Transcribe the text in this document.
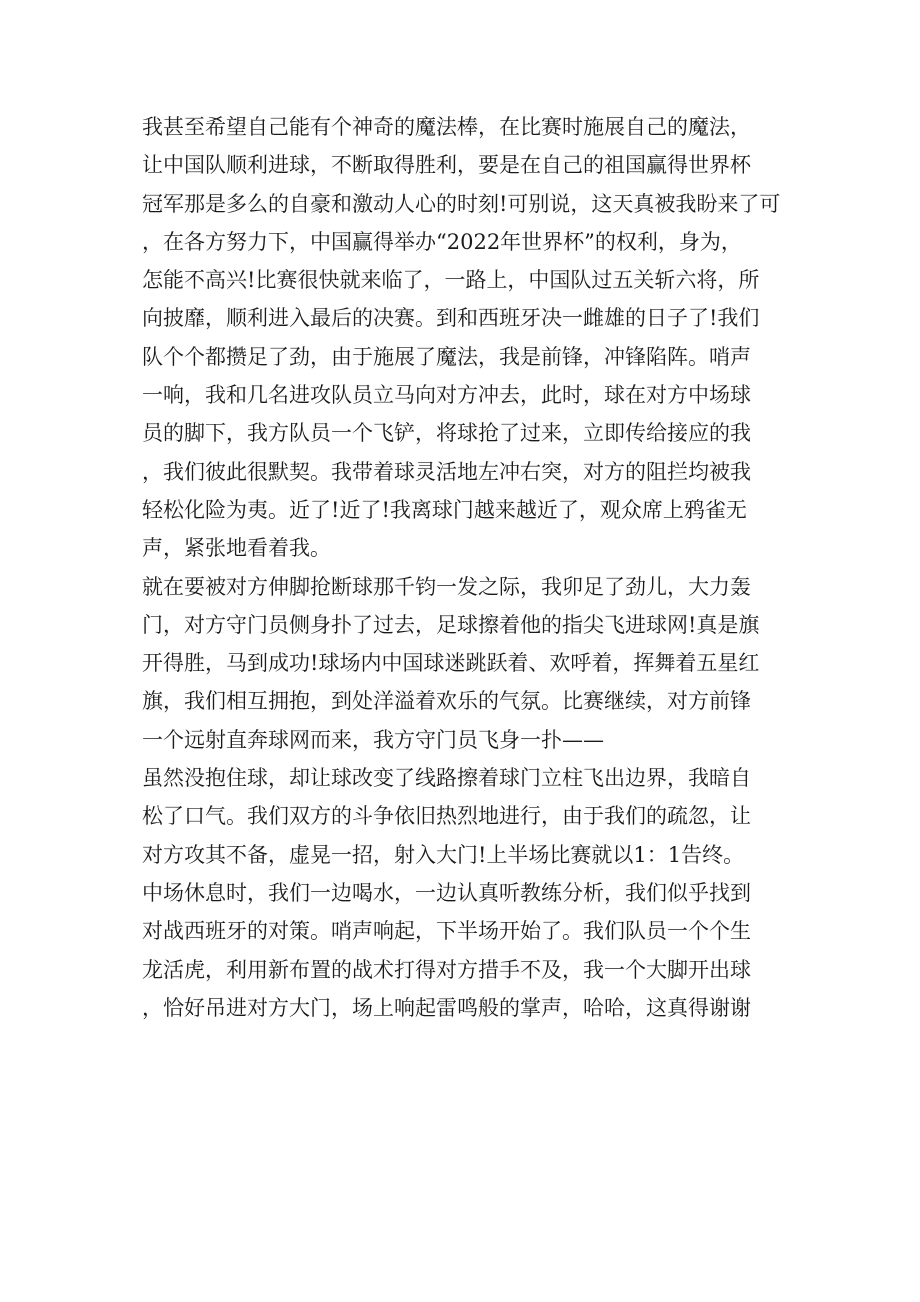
我甚至希望自己能有个神奇的魔法棒，在比赛时施展自己的魔法，
让中国队顺利进球，不断取得胜利，要是在自己的祖国赢得世界杯
冠军那是多么的自豪和激动人心的时刻!可别说，这天真被我盼来了可
，在各方努力下，中国赢得举办“2022年世界杯”的权利，身为，
怎能不高兴!比赛很快就来临了，一路上，中国队过五关斩六将，所
向披靡，顺利进入最后的决赛。到和西班牙决一雌雄的日子了!我们
队个个都攒足了劲，由于施展了魔法，我是前锋，冲锋陷阵。哨声
一响，我和几名进攻队员立马向对方冲去，此时，球在对方中场球
员的脚下，我方队员一个飞铲，将球抢了过来，立即传给接应的我
，我们彼此很默契。我带着球灵活地左冲右突，对方的阻拦均被我
轻松化险为夷。近了!近了!我离球门越来越近了，观众席上鸦雀无
声，紧张地看着我。
就在要被对方伸脚抢断球那千钧一发之际，我卯足了劲儿，大力轰
门，对方守门员侧身扑了过去，足球擦着他的指尖飞进球网!真是旗
开得胜，马到成功!球场内中国球迷跳跃着、欢呼着，挥舞着五星红
旗，我们相互拥抱，到处洋溢着欢乐的气氛。比赛继续，对方前锋
一个远射直奔球网而来，我方守门员飞身一扑——
虽然没抱住球，却让球改变了线路擦着球门立柱飞出边界，我暗自
松了口气。我们双方的斗争依旧热烈地进行，由于我们的疏忽，让
对方攻其不备，虚晃一招，射入大门!上半场比赛就以1：1告终。
中场休息时，我们一边喝水，一边认真听教练分析，我们似乎找到
对战西班牙的对策。哨声响起，下半场开始了。我们队员一个个生
龙活虎，利用新布置的战术打得对方措手不及，我一个大脚开出球
，恰好吊进对方大门，场上响起雷鸣般的掌声，哈哈，这真得谢谢
